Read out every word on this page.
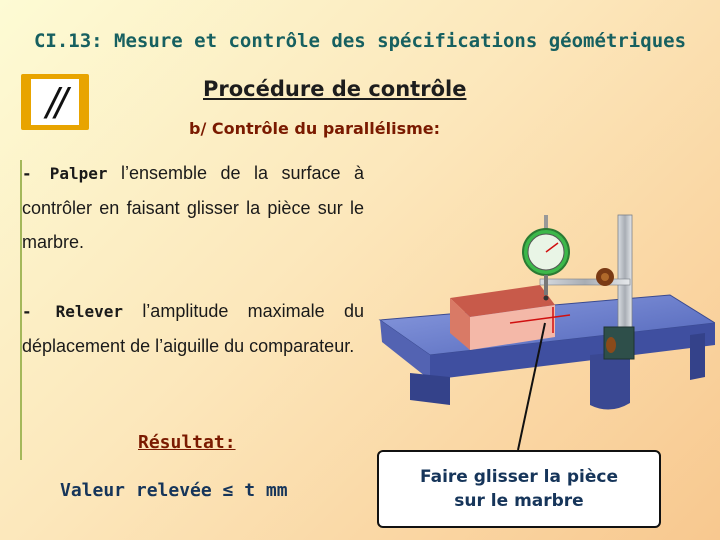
CI.13: Mesure et contrôle des spécifications géométriques
//	Procédure de contrôle
b/ Contrôle du parallélisme:
- Palper l’ensemble de la surface à contrôler en faisant glisser la pièce sur le marbre.
- Relever l’amplitude maximale du déplacement de l’aiguille du comparateur.
Résultat:
Valeur relevée ≤ t mm
Faire glisser la pièce
sur le marbre
